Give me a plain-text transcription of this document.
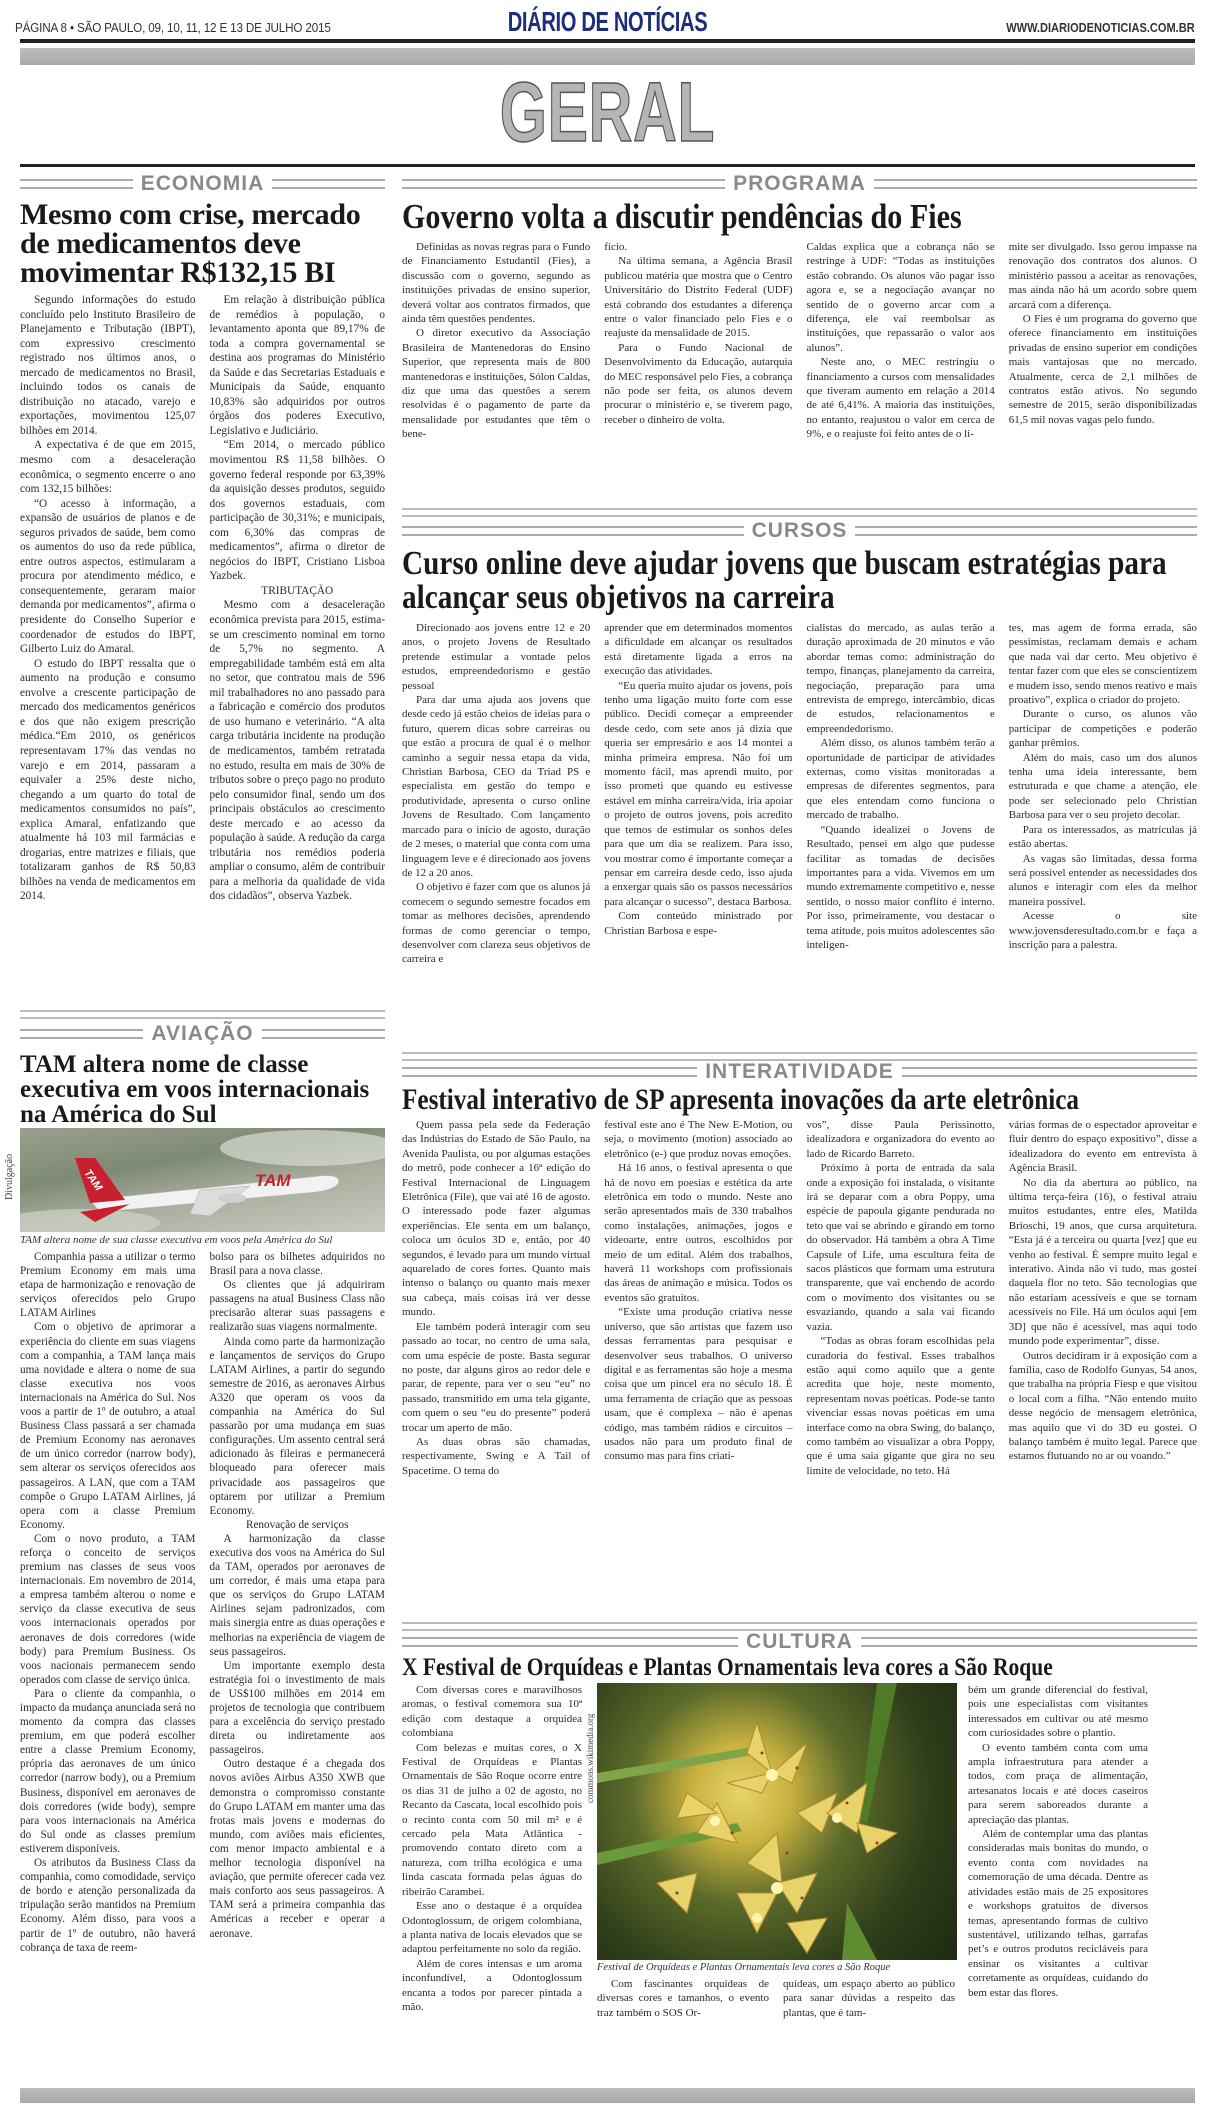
PÁGINA 8 • SÃO PAULO, 09, 10, 11, 12 E 13 DE JULHO 2015	DIÁRIO DE NOTÍCIAS	WWW.DIARIODENOTICIAS.COM.BR
GERAL
ECONOMIA
Mesmo com crise, mercado de medicamentos deve movimentar R$132,15 BI

Segundo informações do estudo concluído pelo Instituto Brasileiro de Planejamento e Tributação (IBPT), com expressivo crescimento registrado nos últimos anos, o mercado de medicamentos no Brasil, incluindo todos os canais de distribuição no atacado, varejo e exportações, movimentou 125,07 bilhões em 2014.

A expectativa é de que em 2015, mesmo com a desaceleração econômica, o segmento encerre o ano com 132,15 bilhões:

“O acesso à informação, a expansão de usuários de planos e de seguros privados de saúde, bem como os aumentos do uso da rede pública, entre outros aspectos, estimularam a procura por atendimento médico, e consequentemente, geraram maior demanda por medicamentos”, afirma o presidente do Conselho Superior e coordenador de estudos do IBPT, Gilberto Luiz do Amaral.

O estudo do IBPT ressalta que o aumento na produção e consumo envolve a crescente participação de mercado dos medicamentos genéricos e dos que não exigem prescrição médica.“Em 2010, os genéricos representavam 17% das vendas no varejo e em 2014, passaram a equivaler a 25% deste nicho, chegando a um quarto do total de medicamentos consumidos no país”, explica Amaral, enfatizando que atualmente há 103 mil farmácias e drogarias, entre matrizes e filiais, que totalizaram ganhos de R$ 50,83 bilhões na venda de medicamentos em 2014.

Em relação à distribuição pública de remédios à população, o levantamento aponta que 89,17% de toda a compra governamental se destina aos programas do Ministério da Saúde e das Secretarias Estaduais e Municipais da Saúde, enquanto 10,83% são adquiridos por outros órgãos dos poderes Executivo, Legislativo e Judiciário.

“Em 2014, o mercado público movimentou R$ 11,58 bilhões. O governo federal responde por 63,39% da aquisição desses produtos, seguido dos governos estaduais, com participação de 30,31%; e municipais, com 6,30% das compras de medicamentos”, afirma o diretor de negócios do IBPT, Cristiano Lisboa Yazbek.

TRIBUTAÇÃO

Mesmo com a desaceleração econômica prevista para 2015, estima-se um crescimento nominal em torno de 5,7% no segmento. A empregabilidade também está em alta no setor, que contratou mais de 596 mil trabalhadores no ano passado para a fabricação e comércio dos produtos de uso humano e veterinário. “A alta carga tributária incidente na produção de medicamentos, também retratada no estudo, resulta em mais de 30% de tributos sobre o preço pago no produto pelo consumidor final, sendo um dos principais obstáculos ao crescimento deste mercado e ao acesso da população à saúde. A redução da carga tributária nos remédios poderia ampliar o consumo, além de contribuir para a melhoria da qualidade de vida dos cidadãos”, observa Yazbek.

AVIAÇÃO
TAM altera nome de classe executiva em voos internacionais na América do Sul
Divulgação	TAM
TAM
TAM altera nome de sua classe executiva em voos pela América do Sul

Companhia passa a utilizar o termo Premium Economy em mais uma etapa de harmonização e renovação de serviços oferecidos pelo Grupo LATAM Airlines

Com o objetivo de aprimorar a experiência do cliente em suas viagens com a companhia, a TAM lança mais uma novidade e altera o nome de sua classe executiva nos voos internacionais na América do Sul. Nos voos a partir de 1º de outubro, a atual Business Class passará a ser chamada de Premium Economy nas aeronaves de um único corredor (narrow body), sem alterar os serviços oferecidos aos passageiros. A LAN, que com a TAM compõe o Grupo LATAM Airlines, já opera com a classe Premium Economy.

Com o novo produto, a TAM reforça o conceito de serviços premium nas classes de seus voos internacionais. Em novembro de 2014, a empresa também alterou o nome e serviço da classe executiva de seus voos internacionais operados por aeronaves de dois corredores (wide body) para Premium Business. Os voos nacionais permanecem sendo operados com classe de serviço única.

Para o cliente da companhia, o impacto da mudança anunciada será no momento da compra das classes premium, em que poderá escolher entre a classe Premium Economy, própria das aeronaves de um único corredor (narrow body), ou a Premium Business, disponível em aeronaves de dois corredores (wide body), sempre para voos internacionais na América do Sul onde as classes premium estiverem disponíveis.

Os atributos da Business Class da companhia, como comodidade, serviço de bordo e atenção personalizada da tripulação serão mantidos na Premium Economy. Além disso, para voos a partir de 1º de outubro, não haverá cobrança de taxa de reem-

bolso para os bilhetes adquiridos no Brasil para a nova classe.

Os clientes que já adquiriram passagens na atual Business Class não precisarão alterar suas passagens e realizarão suas viagens normalmente.

Ainda como parte da harmonização e lançamentos de serviços do Grupo LATAM Airlines, a partir do segundo semestre de 2016, as aeronaves Airbus A320 que operam os voos da companhia na América do Sul passarão por uma mudança em suas configurações. Um assento central será adicionado às fileiras e permanecerá bloqueado para oferecer mais privacidade aos passageiros que optarem por utilizar a Premium Economy.

Renovação de serviços

A harmonização da classe executiva dos voos na América do Sul da TAM, operados por aeronaves de um corredor, é mais uma etapa para que os serviços do Grupo LATAM Airlines sejam padronizados, com mais sinergia entre as duas operações e melhorias na experiência de viagem de seus passageiros.

Um importante exemplo desta estratégia foi o investimento de mais de US$100 milhões em 2014 em projetos de tecnologia que contribuem para a excelência do serviço prestado direta ou indiretamente aos passageiros.

Outro destaque é a chegada dos novos aviões Airbus A350 XWB que demonstra o compromisso constante do Grupo LATAM em manter uma das frotas mais jovens e modernas do mundo, com aviões mais eficientes, com menor impacto ambiental e a melhor tecnologia disponível na aviação, que permite oferecer cada vez mais conforto aos seus passageiros. A TAM será a primeira companhia das Américas a receber e operar a aeronave.

PROGRAMA
Governo volta a discutir pendências do Fies

Definidas as novas regras para o Fundo de Financiamento Estudantil (Fies), a discussão com o governo, segundo as instituições privadas de ensino superior, deverá voltar aos contratos firmados, que ainda têm questões pendentes.

O diretor executivo da Associação Brasileira de Mantenedoras do Ensino Superior, que representa mais de 800 mantenedoras e instituições, Sólon Caldas, diz que uma das questões a serem resolvidas é o pagamento de parte da mensalidade por estudantes que têm o bene-

fício.

Na última semana, a Agência Brasil publicou matéria que mostra que o Centro Universitário do Distrito Federal (UDF) está cobrando dos estudantes a diferença entre o valor financiado pelo Fies e o reajuste da mensalidade de 2015.

Para o Fundo Nacional de Desenvolvimento da Educação, autarquia do MEC responsável pelo Fies, a cobrança não pode ser feita, os alunos devem procurar o ministério e, se tiverem pago, receber o dinheiro de volta.

Caldas explica que a cobrança não se restringe à UDF: “Todas as instituições estão cobrando. Os alunos vão pagar isso agora e, se a negociação avançar no sentido de o governo arcar com a diferença, ele vai reembolsar as instituições, que repassarão o valor aos alunos”.

Neste ano, o MEC restringiu o financiamento a cursos com mensalidades que tiveram aumento em relação a 2014 de até 6,41%. A maioria das instituições, no entanto, reajustou o valor em cerca de 9%, e o reajuste foi feito antes de o li-

mite ser divulgado. Isso gerou impasse na renovação dos contratos dos alunos. O ministério passou a aceitar as renovações, mas ainda não há um acordo sobre quem arcará com a diferença.

O Fies é um programa do governo que oferece financiamento em instituições privadas de ensino superior em condições mais vantajosas que no mercado. Atualmente, cerca de 2,1 milhões de contratos estão ativos. No segundo semestre de 2015, serão disponibilizadas 61,5 mil novas vagas pelo fundo.

CURSOS
Curso online deve ajudar jovens que buscam estratégias para alcançar seus objetivos na carreira

Direcionado aos jovens entre 12 e 20 anos, o projeto Jovens de Resultado pretende estimular a vontade pelos estudos, empreendedorismo e gestão pessoal

Para dar uma ajuda aos jovens que desde cedo já estão cheios de ideias para o futuro, querem dicas sobre carreiras ou que estão a procura de qual é o melhor caminho a seguir nessa etapa da vida, Christian Barbosa, CEO da Triad PS e especialista em gestão do tempo e produtividade, apresenta o curso online Jovens de Resultado. Com lançamento marcado para o início de agosto, duração de 2 meses, o material que conta com uma linguagem leve e é direcionado aos jovens de 12 a 20 anos.

O objetivo é fazer com que os alunos já comecem o segundo semestre focados em tomar as melhores decisões, aprendendo formas de como gerenciar o tempo, desenvolver com clareza seus objetivos de carreira e

aprender que em determinados momentos a dificuldade em alcançar os resultados está diretamente ligada a erros na execução das atividades.

“Eu queria muito ajudar os jovens, pois tenho uma ligação muito forte com esse público. Decidi começar a empreender desde cedo, com sete anos já dizia que queria ser empresário e aos 14 montei a minha primeira empresa. Não foi um momento fácil, mas aprendi muito, por isso prometi que quando eu estivesse estável em minha carreira/vida, iria apoiar o projeto de outros jovens, pois acredito que temos de estimular os sonhos deles para que um dia se realizem. Para isso, vou mostrar como é importante começar a pensar em carreira desde cedo, isso ajuda a enxergar quais são os passos necessários para alcançar o sucesso”, destaca Barbosa.

Com conteúdo ministrado por Christian Barbosa e espe-

cialistas do mercado, as aulas terão a duração aproximada de 20 minutos e vão abordar temas como: administração do tempo, finanças, planejamento da carreira, negociação, preparação para uma entrevista de emprego, intercâmbio, dicas de estudos, relacionamentos e empreendedorismo.

Além disso, os alunos também terão a oportunidade de participar de atividades externas, como visitas monitoradas a empresas de diferentes segmentos, para que eles entendam como funciona o mercado de trabalho.

“Quando idealizei o Jovens de Resultado, pensei em algo que pudesse facilitar as tomadas de decisões importantes para a vida. Vivemos em um mundo extremamente competitivo e, nesse sentido, o nosso maior conflito é interno. Por isso, primeiramente, vou destacar o tema atitude, pois muitos adolescentes são inteligen-

tes, mas agem de forma errada, são pessimistas, reclamam demais e acham que nada vai dar certo. Meu objetivo é tentar fazer com que eles se conscientizem e mudem isso, sendo menos reativo e mais proativo”, explica o criador do projeto.

Durante o curso, os alunos vão participar de competições e poderão ganhar prêmios.

Além do mais, caso um dos alunos tenha uma ideia interessante, bem estruturada e que chame a atenção, ele pode ser selecionado pelo Christian Barbosa para ver o seu projeto decolar.

Para os interessados, as matrículas já estão abertas.

As vagas são limitadas, dessa forma será possível entender as necessidades dos alunos e interagir com eles da melhor maneira possível.

Acesse o site www.jovensderesultado.com.br e faça a inscrição para a palestra.

INTERATIVIDADE
Festival interativo de SP apresenta inovações da arte eletrônica

Quem passa pela sede da Federação das Indústrias do Estado de São Paulo, na Avenida Paulista, ou por algumas estações do metrô, pode conhecer a 16ª edição do Festival Internacional de Linguagem Eletrônica (File), que vai até 16 de agosto. O interessado pode fazer algumas experiências. Ele senta em um balanço, coloca um óculos 3D e, então, por 40 segundos, é levado para um mundo virtual aquarelado de cores fortes. Quanto mais intenso o balanço ou quanto mais mexer sua cabeça, mais coisas irá ver desse mundo.

Ele também poderá interagir com seu passado ao tocar, no centro de uma sala, com uma espécie de poste. Basta segurar no poste, dar alguns giros ao redor dele e parar, de repente, para ver o seu “eu” no passado, transmitido em uma tela gigante, com quem o seu “eu do presente” poderá trocar um aperto de mão.

As duas obras são chamadas, respectivamente, Swing e A Tail of Spacetime. O tema do

festival este ano é The New E-Motion, ou seja, o movimento (motion) associado ao eletrônico (e-) que produz novas emoções.

Há 16 anos, o festival apresenta o que há de novo em poesias e estética da arte eletrônica em todo o mundo. Neste ano serão apresentados mais de 330 trabalhos como instalações, animações, jogos e videoarte, entre outros, escolhidos por meio de um edital. Além dos trabalhos, haverá 11 workshops com profissionais das áreas de animação e música. Todos os eventos são gratuitos.

“Existe uma produção criativa nesse universo, que são artistas que fazem uso dessas ferramentas para pesquisar e desenvolver seus trabalhos. O universo digital e as ferramentas são hoje a mesma coisa que um pincel era no século 18. É uma ferramenta de criação que as pessoas usam, que é complexa – não é apenas código, mas também rádios e circuitos – usados não para um produto final de consumo mas para fins criati-

vos”, disse Paula Perissinotto, idealizadora e organizadora do evento ao lado de Ricardo Barreto.

Próximo à porta de entrada da sala onde a exposição foi instalada, o visitante irá se deparar com a obra Poppy, uma espécie de papoula gigante pendurada no teto que vai se abrindo e girando em torno do observador. Há também a obra A Time Capsule of Life, uma escultura feita de sacos plásticos que formam uma estrutura transparente, que vai enchendo de acordo com o movimento dos visitantes ou se esvaziando, quando a sala vai ficando vazia.

“Todas as obras foram escolhidas pela curadoria do festival. Esses trabalhos estão aqui como aquilo que a gente acredita que hoje, neste momento, representam novas poéticas. Pode-se tanto vivenciar essas novas poéticas em uma interface como na obra Swing, do balanço, como também ao visualizar a obra Poppy, que é uma saia gigante que gira no seu limite de velocidade, no teto. Há

várias formas de o espectador aproveitar e fluir dentro do espaço expositivo”, disse a idealizadora do evento em entrevista à Agência Brasil.

No dia da abertura ao público, na última terça-feira (16), o festival atraiu muitos estudantes, entre eles, Matilda Brioschi, 19 anos, que cursa arquitetura. “Esta já é a terceira ou quarta [vez] que eu venho ao festival. É sempre muito legal e interativo. Ainda não vi tudo, mas gostei daquela flor no teto. São tecnologias que não estariam acessíveis e que se tornam acessíveis no File. Há um óculos aqui [em 3D] que não é acessível, mas aqui todo mundo pode experimentar”, disse.

Outros decidiram ir à exposição com a família, caso de Rodolfo Gunyas, 54 anos, que trabalha na própria Fiesp e que visitou o local com a filha. “Não entendo muito desse negócio de mensagem eletrônica, mas aquilo que vi do 3D eu gostei. O balanço também é muito legal. Parece que estamos flutuando no ar ou voando.”

CULTURA
X Festival de Orquídeas e Plantas Ornamentais leva cores a São Roque

Com diversas cores e maravilhosos aromas, o festival comemora sua 10ª edição com destaque a orquidea colombiana

Com belezas e muitas cores, o X Festival de Orquídeas e Plantas Ornamentais de São Roque ocorre entre os dias 31 de julho a 02 de agosto, no Recanto da Cascata, local escolhido pois o recinto conta com 50 mil m² e é cercado pela Mata Atlântica - promovendo contato direto com a natureza, com trilha ecológica e uma linda cascata formada pelas águas do ribeirão Carambei.

Esse ano o destaque é a orquídea Odontoglossum, de origem colombiana, a planta nativa de locais elevados que se adaptou perfeitamente no solo da região.

Além de cores intensas e um aroma inconfundível, a Odontoglossum encanta a todos por parecer pintada a mão.

commons.wikimedia.org
Festival de Orquídeas e Plantas Ornamentais leva cores a São Roque

Com fascinantes orquídeas de diversas cores e tamanhos, o evento traz também o SOS Or-

quídeas, um espaço aberto ao público para sanar dúvidas a respeito das plantas, que é tam-

bém um grande diferencial do festival, pois une especialistas com visitantes interessados em cultivar ou até mesmo com curiosidades sobre o plantio.

O evento também conta com uma ampla infraestrutura para atender a todos, com praça de alimentação, artesanatos locais e até doces caseiros para serem saboreados durante a apreciação das plantas.

Além de contemplar uma das plantas consideradas mais bonitas do mundo, o evento conta com novidades na comemoração de uma década. Dentre as atividades estão mais de 25 expositores e workshops gratuitos de diversos temas, apresentando formas de cultivo sustentável, utilizando telhas, garrafas pet’s e outros produtos recicláveis para ensinar os visitantes a cultivar corretamente as orquídeas, cuidando do bem estar das flores.
